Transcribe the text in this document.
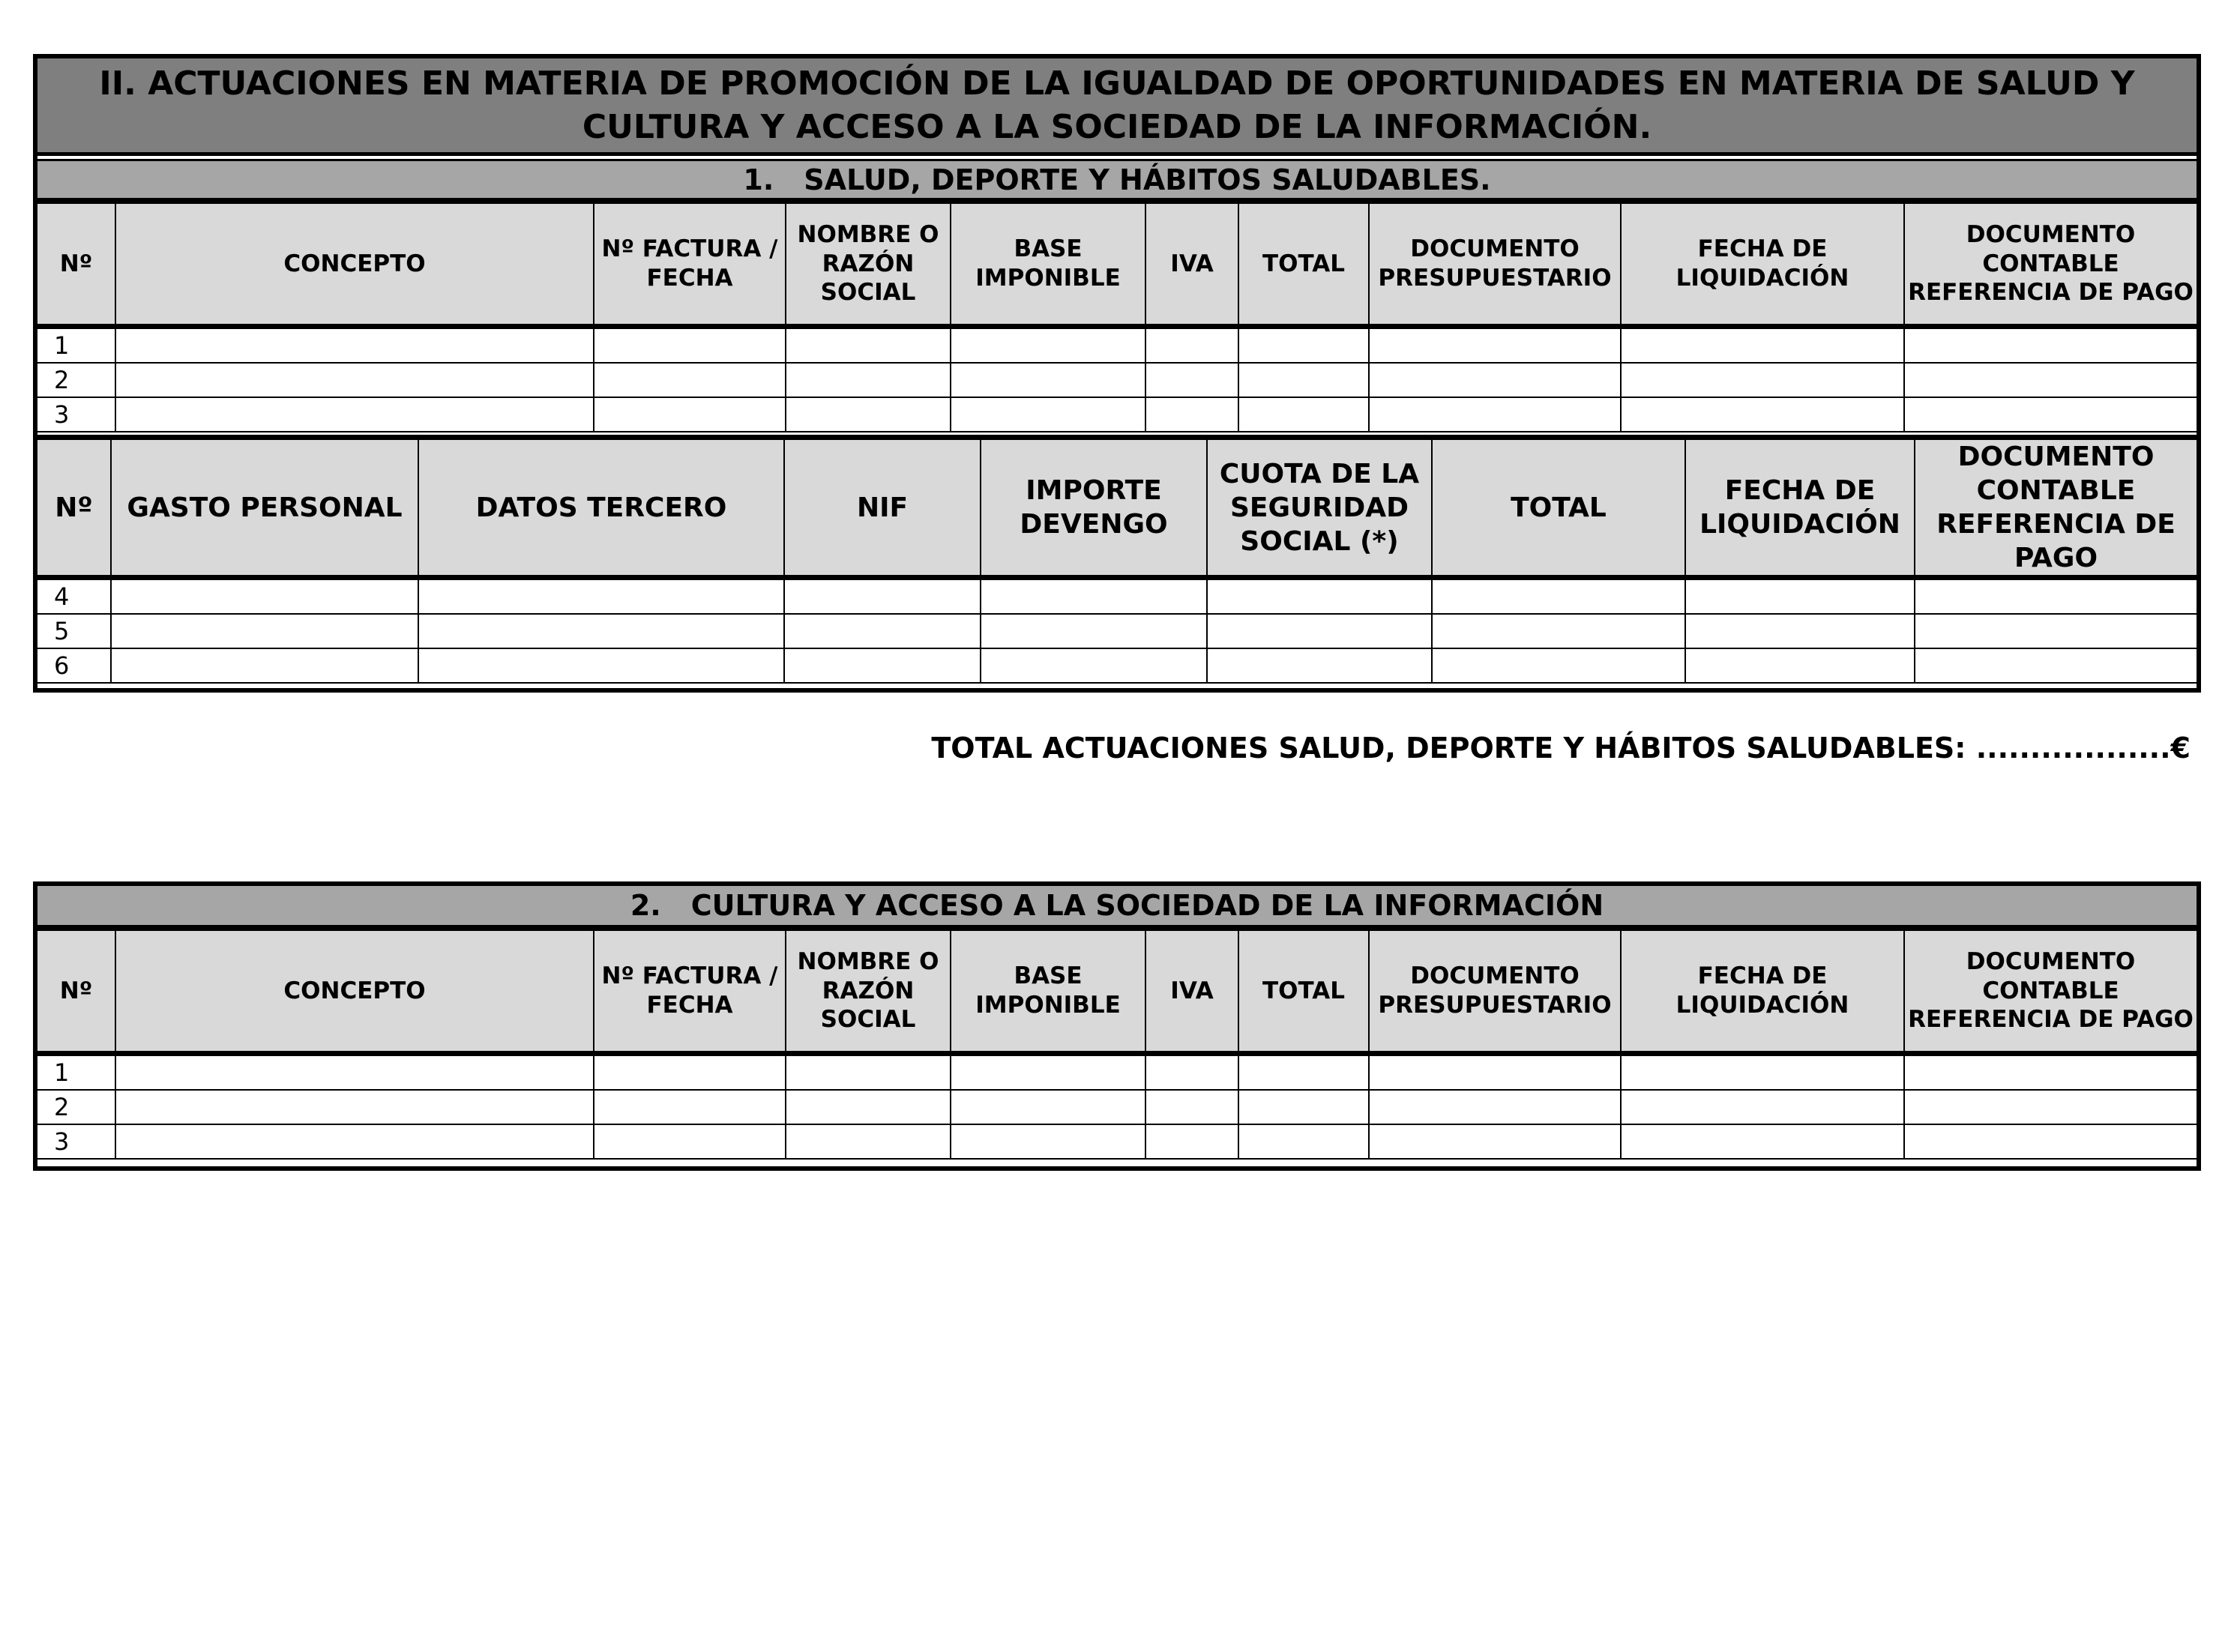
II. ACTUACIONES EN MATERIA DE PROMOCIÓN DE LA IGUALDAD DE OPORTUNIDADES EN MATERIA DE SALUD Y CULTURA Y ACCESO A LA SOCIEDAD DE LA INFORMACIÓN.
1. SALUD, DEPORTE Y HÁBITOS SALUDABLES.
Nº	CONCEPTO	Nº FACTURA / FECHA	NOMBRE O RAZÓN SOCIAL	BASE IMPONIBLE	IVA	TOTAL	DOCUMENTO PRESUPUESTARIO	FECHA DE LIQUIDACIÓN	DOCUMENTO CONTABLE REFERENCIA DE PAGO
1									
2									
3									
Nº	GASTO PERSONAL	DATOS TERCERO	NIF	IMPORTE DEVENGO	CUOTA DE LA SEGURIDAD SOCIAL (*)	TOTAL	FECHA DE LIQUIDACIÓN	DOCUMENTO CONTABLE REFERENCIA DE PAGO
4								
5								
6								
TOTAL ACTUACIONES SALUD, DEPORTE Y HÁBITOS SALUDABLES: ..................€
2. CULTURA Y ACCESO A LA SOCIEDAD DE LA INFORMACIÓN
Nº	CONCEPTO	Nº FACTURA / FECHA	NOMBRE O RAZÓN SOCIAL	BASE IMPONIBLE	IVA	TOTAL	DOCUMENTO PRESUPUESTARIO	FECHA DE LIQUIDACIÓN	DOCUMENTO CONTABLE REFERENCIA DE PAGO
1									
2									
3									
